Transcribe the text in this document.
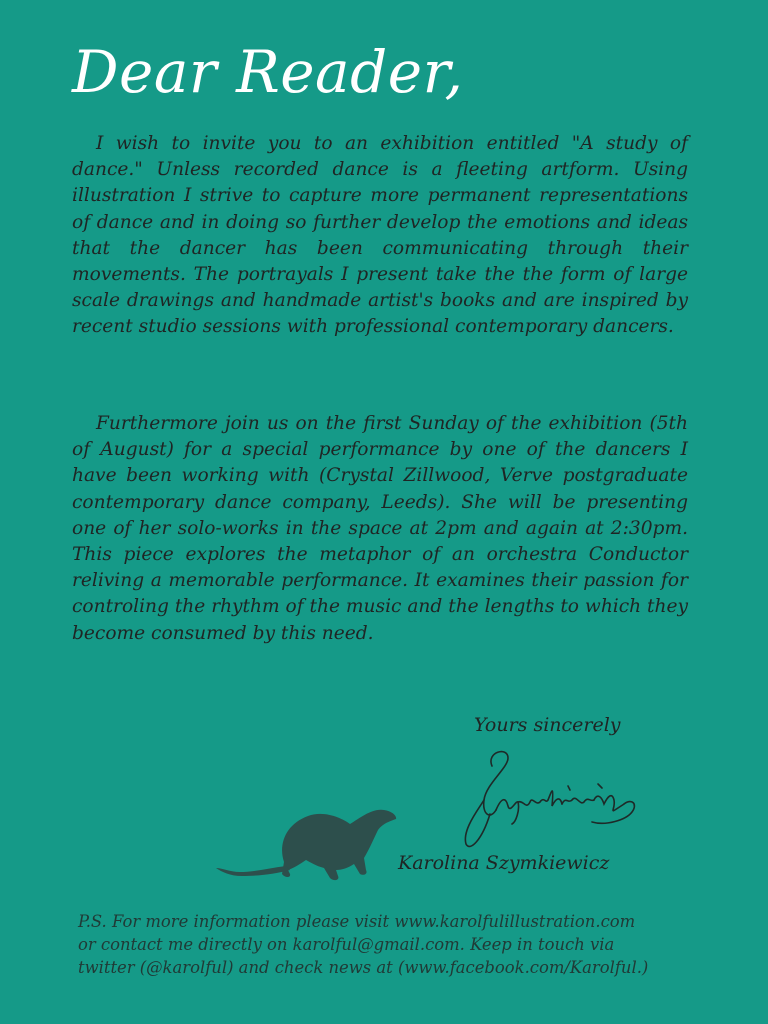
Dear Reader,

I wish to invite you to an exhibition entitled "A study of dance." Unless recorded dance is a fleeting artform. Using illustration I strive to capture more permanent representations of dance and in doing so further develop the emotions and ideas that the dancer has been communicating through their movements. The portrayals I present take the the form of large scale drawings and handmade artist's books and are inspired by recent studio sessions with professional contemporary dancers.

Furthermore join us on the first Sunday of the exhibition (5th of August) for a special performance by one of the dancers I have been working with (Crystal Zillwood, Verve postgraduate contemporary dance company, Leeds). She will be presenting one of her solo-works in the space at 2pm and again at 2:30pm. This piece explores the metaphor of an orchestra Conductor reliving a memorable performance. It examines their passion for controling the rhythm of the music and the lengths to which they become consumed by this need.

Yours sincerely
Karolina Szymkiewicz
P.S. For more information please visit www.karolfulillustration.com
or contact me directly on karolful@gmail.com. Keep in touch via
twitter (@karolful) and check news at (www.facebook.com/Karolful.)
